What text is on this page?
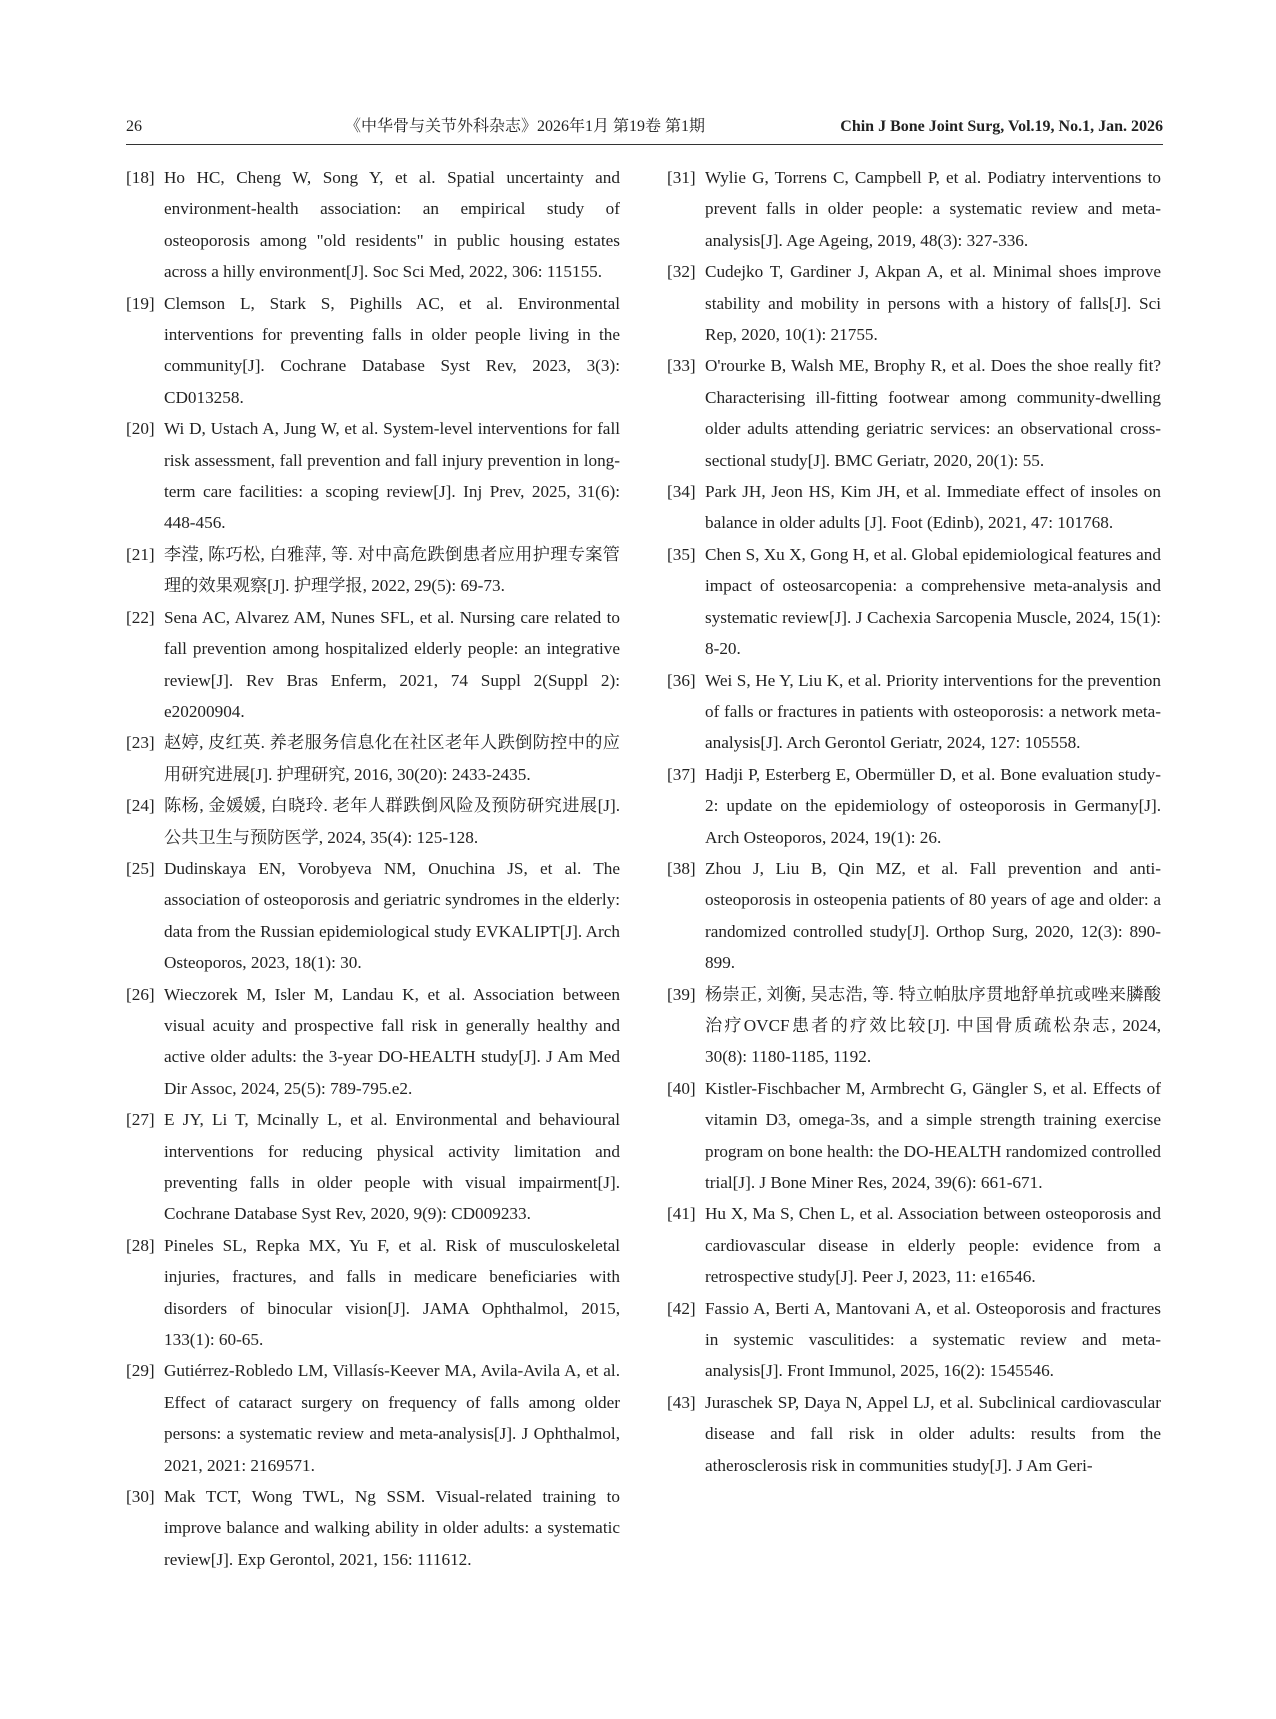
26	《中华骨与关节外科杂志》2026年1月 第19卷 第1期	Chin J Bone Joint Surg, Vol.19, No.1, Jan. 2026
[18] Ho HC, Cheng W, Song Y, et al. Spatial uncertainty and environment-health association: an empirical study of osteoporosis among "old residents" in public housing estates across a hilly environment[J]. Soc Sci Med, 2022, 306: 115155.
[19] Clemson L, Stark S, Pighills AC, et al. Environmental interventions for preventing falls in older people living in the community[J]. Cochrane Database Syst Rev, 2023, 3(3): CD013258.
[20] Wi D, Ustach A, Jung W, et al. System-level interventions for fall risk assessment, fall prevention and fall injury prevention in long-term care facilities: a scoping review[J]. Inj Prev, 2025, 31(6): 448-456.
[21] 李滢, 陈巧松, 白雅萍, 等. 对中高危跌倒患者应用护理专案管理的效果观察[J]. 护理学报, 2022, 29(5): 69-73.
[22] Sena AC, Alvarez AM, Nunes SFL, et al. Nursing care related to fall prevention among hospitalized elderly people: an integrative review[J]. Rev Bras Enferm, 2021, 74 Suppl 2(Suppl 2): e20200904.
[23] 赵婷, 皮红英. 养老服务信息化在社区老年人跌倒防控中的应用研究进展[J]. 护理研究, 2016, 30(20): 2433-2435.
[24] 陈杨, 金媛媛, 白晓玲. 老年人群跌倒风险及预防研究进展[J]. 公共卫生与预防医学, 2024, 35(4): 125-128.
[25] Dudinskaya EN, Vorobyeva NM, Onuchina JS, et al. The association of osteoporosis and geriatric syndromes in the elderly: data from the Russian epidemiological study EVKALIPT[J]. Arch Osteoporos, 2023, 18(1): 30.
[26] Wieczorek M, Isler M, Landau K, et al. Association between visual acuity and prospective fall risk in generally healthy and active older adults: the 3-year DO-HEALTH study[J]. J Am Med Dir Assoc, 2024, 25(5): 789-795.e2.
[27] E JY, Li T, Mcinally L, et al. Environmental and behavioural interventions for reducing physical activity limitation and preventing falls in older people with visual impairment[J]. Cochrane Database Syst Rev, 2020, 9(9): CD009233.
[28] Pineles SL, Repka MX, Yu F, et al. Risk of musculoskeletal injuries, fractures, and falls in medicare beneficiaries with disorders of binocular vision[J]. JAMA Ophthalmol, 2015, 133(1): 60-65.
[29] Gutiérrez-Robledo LM, Villasís-Keever MA, Avila-Avila A, et al. Effect of cataract surgery on frequency of falls among older persons: a systematic review and meta-analysis[J]. J Ophthalmol, 2021, 2021: 2169571.
[30] Mak TCT, Wong TWL, Ng SSM. Visual-related training to improve balance and walking ability in older adults: a systematic review[J]. Exp Gerontol, 2021, 156: 111612.
[31] Wylie G, Torrens C, Campbell P, et al. Podiatry interventions to prevent falls in older people: a systematic review and meta-analysis[J]. Age Ageing, 2019, 48(3): 327-336.
[32] Cudejko T, Gardiner J, Akpan A, et al. Minimal shoes improve stability and mobility in persons with a history of falls[J]. Sci Rep, 2020, 10(1): 21755.
[33] O'rourke B, Walsh ME, Brophy R, et al. Does the shoe really fit? Characterising ill-fitting footwear among community-dwelling older adults attending geriatric services: an observational cross-sectional study[J]. BMC Geriatr, 2020, 20(1): 55.
[34] Park JH, Jeon HS, Kim JH, et al. Immediate effect of insoles on balance in older adults [J]. Foot (Edinb), 2021, 47: 101768.
[35] Chen S, Xu X, Gong H, et al. Global epidemiological features and impact of osteosarcopenia: a comprehensive meta-analysis and systematic review[J]. J Cachexia Sarcopenia Muscle, 2024, 15(1): 8-20.
[36] Wei S, He Y, Liu K, et al. Priority interventions for the prevention of falls or fractures in patients with osteoporosis: a network meta-analysis[J]. Arch Gerontol Geriatr, 2024, 127: 105558.
[37] Hadji P, Esterberg E, Obermüller D, et al. Bone evaluation study-2: update on the epidemiology of osteoporosis in Germany[J]. Arch Osteoporos, 2024, 19(1): 26.
[38] Zhou J, Liu B, Qin MZ, et al. Fall prevention and anti-osteoporosis in osteopenia patients of 80 years of age and older: a randomized controlled study[J]. Orthop Surg, 2020, 12(3): 890-899.
[39] 杨崇正, 刘衡, 吴志浩, 等. 特立帕肽序贯地舒单抗或唑来膦酸治疗OVCF患者的疗效比较[J]. 中国骨质疏松杂志, 2024, 30(8): 1180-1185, 1192.
[40] Kistler-Fischbacher M, Armbrecht G, Gängler S, et al. Effects of vitamin D3, omega-3s, and a simple strength training exercise program on bone health: the DO-HEALTH randomized controlled trial[J]. J Bone Miner Res, 2024, 39(6): 661-671.
[41] Hu X, Ma S, Chen L, et al. Association between osteoporosis and cardiovascular disease in elderly people: evidence from a retrospective study[J]. Peer J, 2023, 11: e16546.
[42] Fassio A, Berti A, Mantovani A, et al. Osteoporosis and fractures in systemic vasculitides: a systematic review and meta-analysis[J]. Front Immunol, 2025, 16(2): 1545546.
[43] Juraschek SP, Daya N, Appel LJ, et al. Subclinical cardiovascular disease and fall risk in older adults: results from the atherosclerosis risk in communities study[J]. J Am Geri-
